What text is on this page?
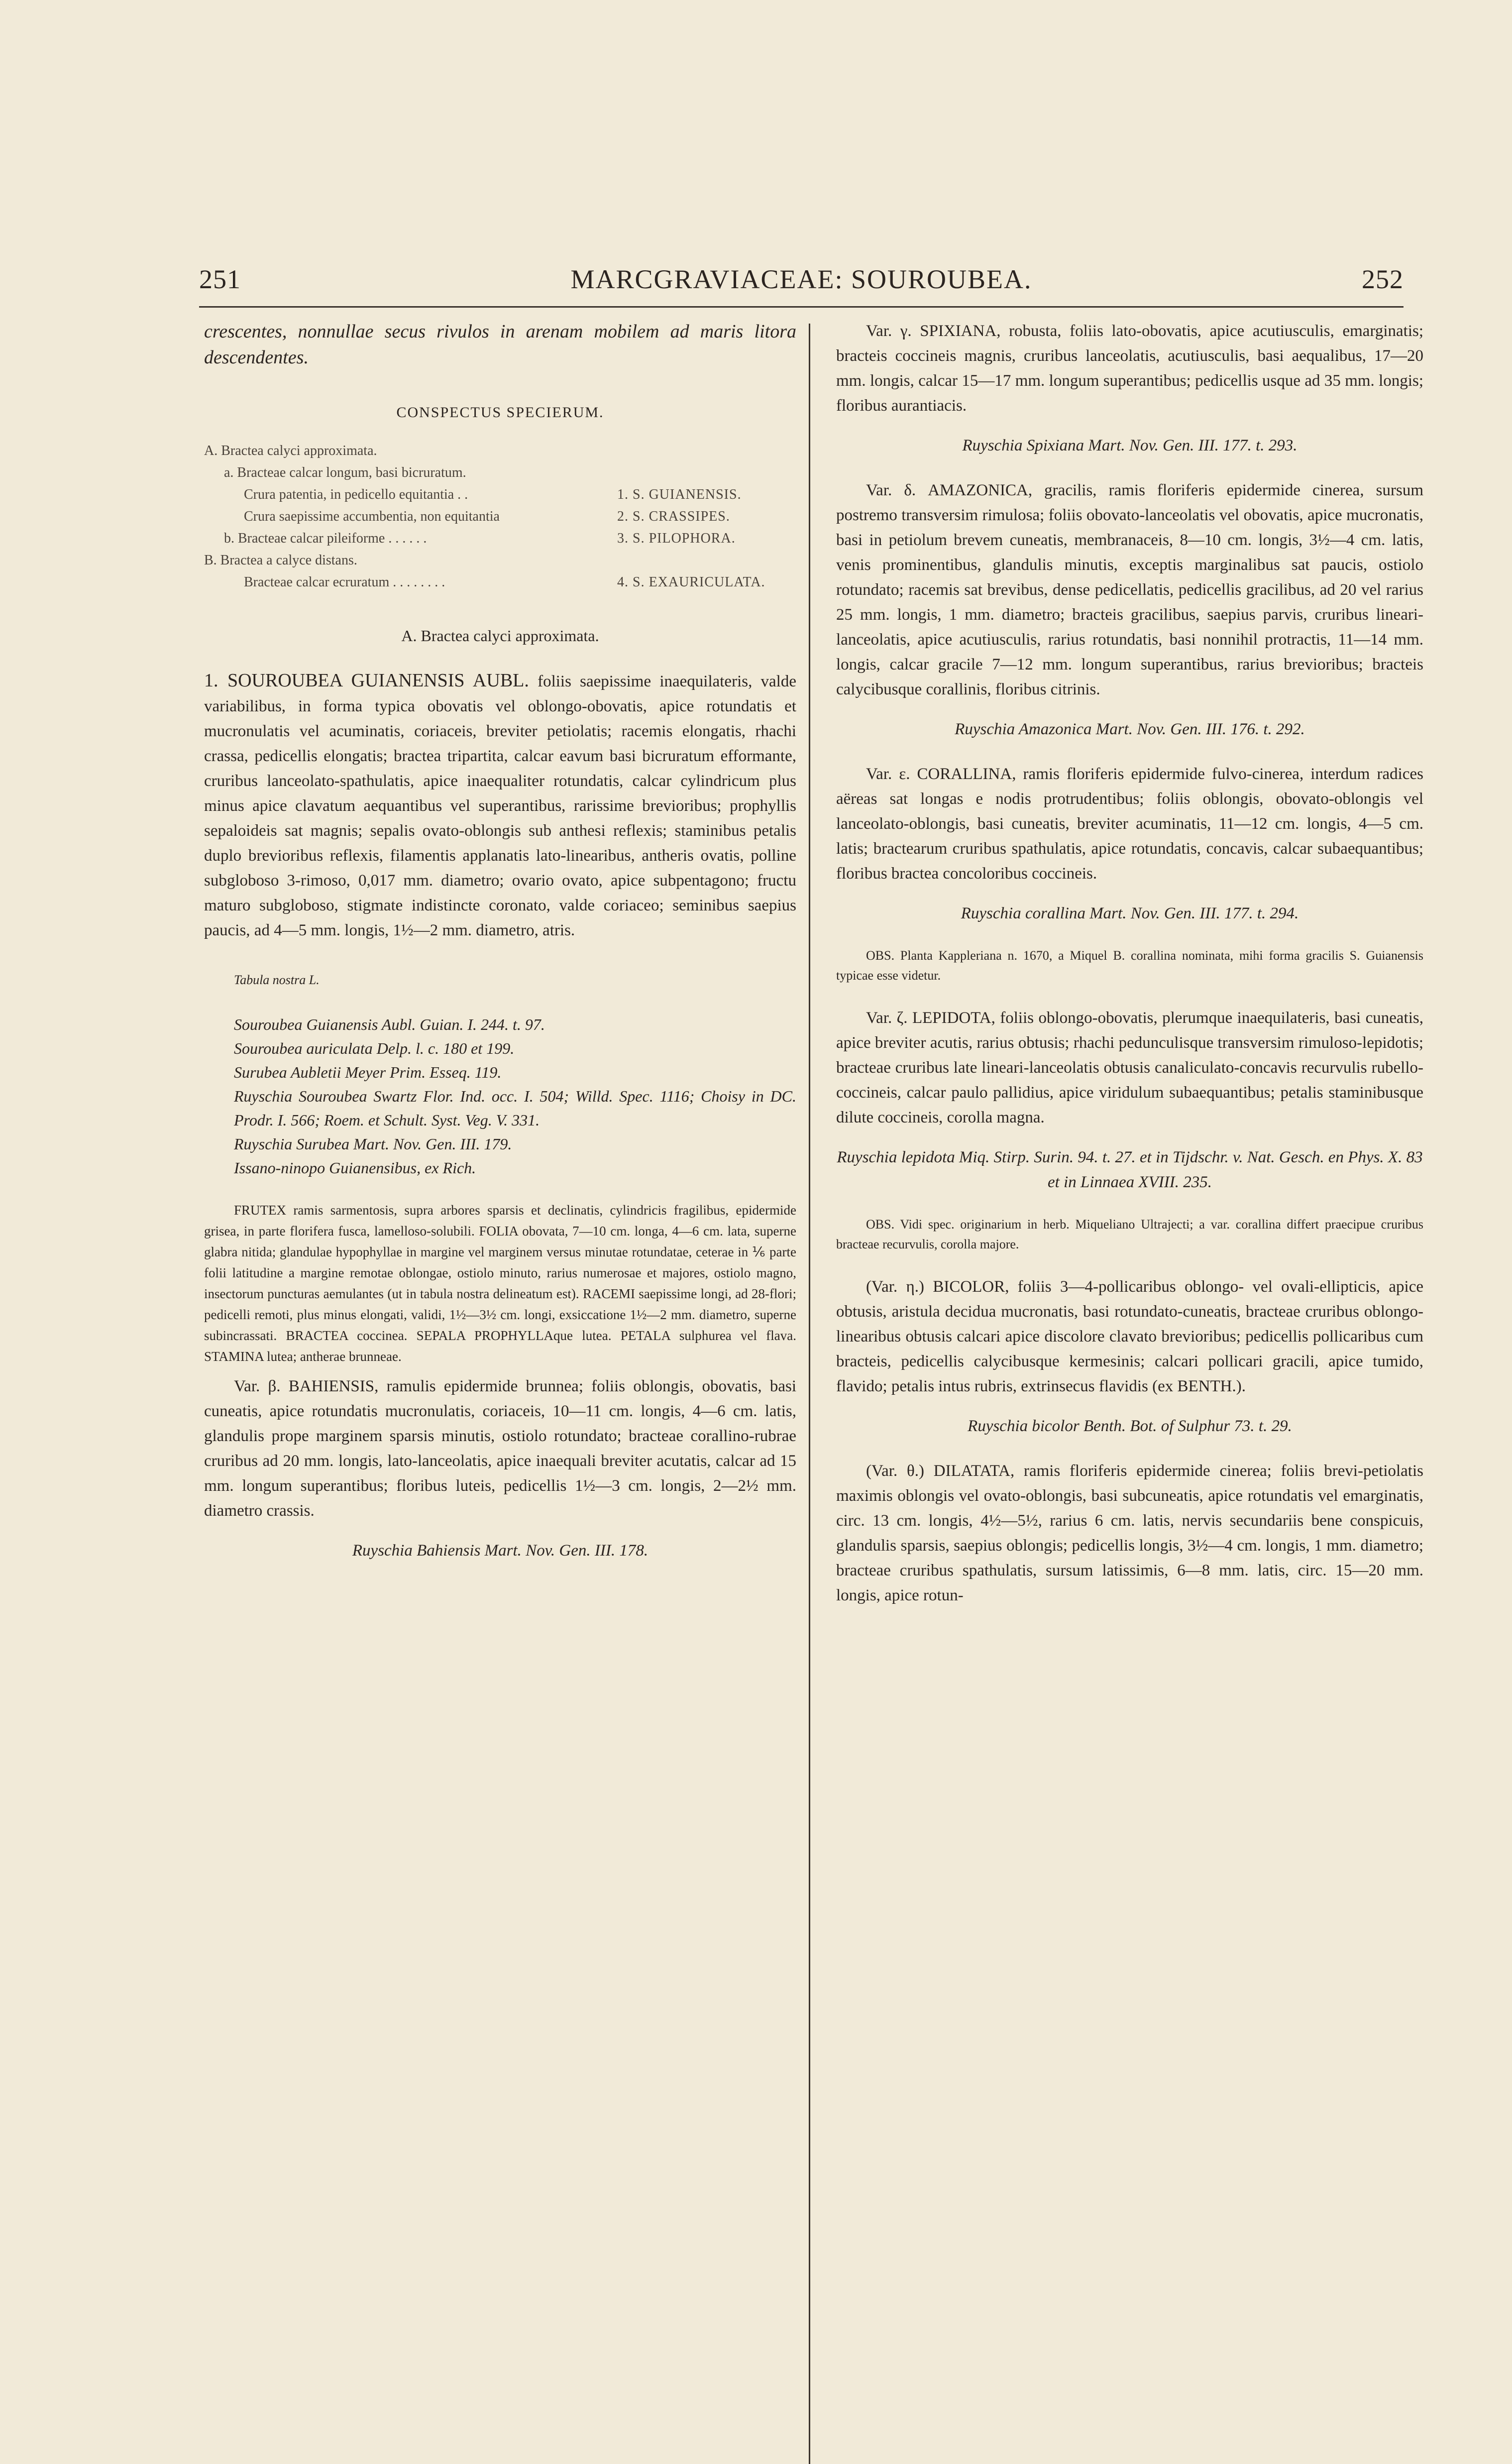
251	MARCGRAVIACEAE: SOUROUBEA.	252

crescentes, nonnullae secus rivulos in arenam mobilem ad maris litora descendentes.

CONSPECTUS SPECIERUM.
A. Bractea calyci approximata.
a. Bracteae calcar longum, basi bicruratum.
Crura patentia, in pedicello equitantia . .	1. S. GUIANENSIS.
Crura saepissime accumbentia, non equitantia	2. S. CRASSIPES.
b. Bracteae calcar pileiforme . . . . . .	3. S. PILOPHORA.
B. Bractea a calyce distans.
Bracteae calcar ecruratum . . . . . . . .	4. S. EXAURICULATA.
A. Bractea calyci approximata.

1. SOUROUBEA GUIANENSIS AUBL. foliis saepissime inaequilateris, valde variabilibus, in forma typica obovatis vel oblongo-obovatis, apice rotundatis et mucronulatis vel acuminatis, coriaceis, breviter petiolatis; racemis elongatis, rhachi crassa, pedicellis elongatis; bractea tripartita, calcar eavum basi bicruratum efformante, cruribus lanceolato-spathulatis, apice inaequaliter rotundatis, calcar cylindricum plus minus apice clavatum aequantibus vel superantibus, rarissime brevioribus; prophyllis sepaloideis sat magnis; sepalis ovato-oblongis sub anthesi reflexis; staminibus petalis duplo brevioribus reflexis, filamentis applanatis lato-linearibus, antheris ovatis, polline subgloboso 3-rimoso, 0,017 mm. diametro; ovario ovato, apice subpentagono; fructu maturo subgloboso, stigmate indistincte coronato, valde coriaceo; seminibus saepius paucis, ad 4—5 mm. longis, 1½—2 mm. diametro, atris.

Tabula nostra L.

Souroubea Guianensis Aubl. Guian. I. 244. t. 97.

Souroubea auriculata Delp. l. c. 180 et 199.

Surubea Aubletii Meyer Prim. Esseq. 119.

Ruyschia Souroubea Swartz Flor. Ind. occ. I. 504; Willd. Spec. 1116; Choisy in DC. Prodr. I. 566; Roem. et Schult. Syst. Veg. V. 331.

Ruyschia Surubea Mart. Nov. Gen. III. 179.

Issano-ninopo Guianensibus, ex Rich.

FRUTEX ramis sarmentosis, supra arbores sparsis et declinatis, cylindricis fragilibus, epidermide grisea, in parte florifera fusca, lamelloso-solubili. FOLIA obovata, 7—10 cm. longa, 4—6 cm. lata, superne glabra nitida; glandulae hypophyllae in margine vel marginem versus minutae rotundatae, ceterae in ⅙ parte folii latitudine a margine remotae oblongae, ostiolo minuto, rarius numerosae et majores, ostiolo magno, insectorum puncturas aemulantes (ut in tabula nostra delineatum est). RACEMI saepissime longi, ad 28-flori; pedicelli remoti, plus minus elongati, validi, 1½—3½ cm. longi, exsiccatione 1½—2 mm. diametro, superne subincrassati. BRACTEA coccinea. SEPALA PROPHYLLAque lutea. PETALA sulphurea vel flava. STAMINA lutea; antherae brunneae.

Var. β. BAHIENSIS, ramulis epidermide brunnea; foliis oblongis, obovatis, basi cuneatis, apice rotundatis mucronulatis, coriaceis, 10—11 cm. longis, 4—6 cm. latis, glandulis prope marginem sparsis minutis, ostiolo rotundato; bracteae corallino-rubrae cruribus ad 20 mm. longis, lato-lanceolatis, apice inaequali breviter acutatis, calcar ad 15 mm. longum superantibus; floribus luteis, pedicellis 1½—3 cm. longis, 2—2½ mm. diametro crassis.

Ruyschia Bahiensis Mart. Nov. Gen. III. 178.

Var. γ. SPIXIANA, robusta, foliis lato-obovatis, apice acutiusculis, emarginatis; bracteis coccineis magnis, cruribus lanceolatis, acutiusculis, basi aequalibus, 17—20 mm. longis, calcar 15—17 mm. longum superantibus; pedicellis usque ad 35 mm. longis; floribus aurantiacis.

Ruyschia Spixiana Mart. Nov. Gen. III. 177. t. 293.

Var. δ. AMAZONICA, gracilis, ramis floriferis epidermide cinerea, sursum postremo transversim rimulosa; foliis obovato-lanceolatis vel obovatis, apice mucronatis, basi in petiolum brevem cuneatis, membranaceis, 8—10 cm. longis, 3½—4 cm. latis, venis prominentibus, glandulis minutis, exceptis marginalibus sat paucis, ostiolo rotundato; racemis sat brevibus, dense pedicellatis, pedicellis gracilibus, ad 20 vel rarius 25 mm. longis, 1 mm. diametro; bracteis gracilibus, saepius parvis, cruribus lineari-lanceolatis, apice acutiusculis, rarius rotundatis, basi nonnihil protractis, 11—14 mm. longis, calcar gracile 7—12 mm. longum superantibus, rarius brevioribus; bracteis calycibusque corallinis, floribus citrinis.

Ruyschia Amazonica Mart. Nov. Gen. III. 176. t. 292.

Var. ε. CORALLINA, ramis floriferis epidermide fulvo-cinerea, interdum radices aëreas sat longas e nodis protrudentibus; foliis oblongis, obovato-oblongis vel lanceolato-oblongis, basi cuneatis, breviter acuminatis, 11—12 cm. longis, 4—5 cm. latis; bractearum cruribus spathulatis, apice rotundatis, concavis, calcar subaequantibus; floribus bractea concoloribus coccineis.

Ruyschia corallina Mart. Nov. Gen. III. 177. t. 294.

OBS. Planta Kappleriana n. 1670, a Miquel B. corallina nominata, mihi forma gracilis S. Guianensis typicae esse videtur.

Var. ζ. LEPIDOTA, foliis oblongo-obovatis, plerumque inaequilateris, basi cuneatis, apice breviter acutis, rarius obtusis; rhachi pedunculisque transversim rimuloso-lepidotis; bracteae cruribus late lineari-lanceolatis obtusis canaliculato-concavis recurvulis rubello-coccineis, calcar paulo pallidius, apice viridulum subaequantibus; petalis staminibusque dilute coccineis, corolla magna.

Ruyschia lepidota Miq. Stirp. Surin. 94. t. 27. et in Tijdschr. v. Nat. Gesch. en Phys. X. 83 et in Linnaea XVIII. 235.

OBS. Vidi spec. originarium in herb. Miqueliano Ultrajecti; a var. corallina differt praecipue cruribus bracteae recurvulis, corolla majore.

(Var. η.) BICOLOR, foliis 3—4-pollicaribus oblongo- vel ovali-ellipticis, apice obtusis, aristula decidua mucronatis, basi rotundato-cuneatis, bracteae cruribus oblongo-linearibus obtusis calcari apice discolore clavato brevioribus; pedicellis pollicaribus cum bracteis, pedicellis calycibusque kermesinis; calcari pollicari gracili, apice tumido, flavido; petalis intus rubris, extrinsecus flavidis (ex BENTH.).

Ruyschia bicolor Benth. Bot. of Sulphur 73. t. 29.

(Var. θ.) DILATATA, ramis floriferis epidermide cinerea; foliis brevi-petiolatis maximis oblongis vel ovato-oblongis, basi subcuneatis, apice rotundatis vel emarginatis, circ. 13 cm. longis, 4½—5½, rarius 6 cm. latis, nervis secundariis bene conspicuis, glandulis sparsis, saepius oblongis; pedicellis longis, 3½—4 cm. longis, 1 mm. diametro; bracteae cruribus spathulatis, sursum latissimis, 6—8 mm. latis, circ. 15—20 mm. longis, apice rotun-
